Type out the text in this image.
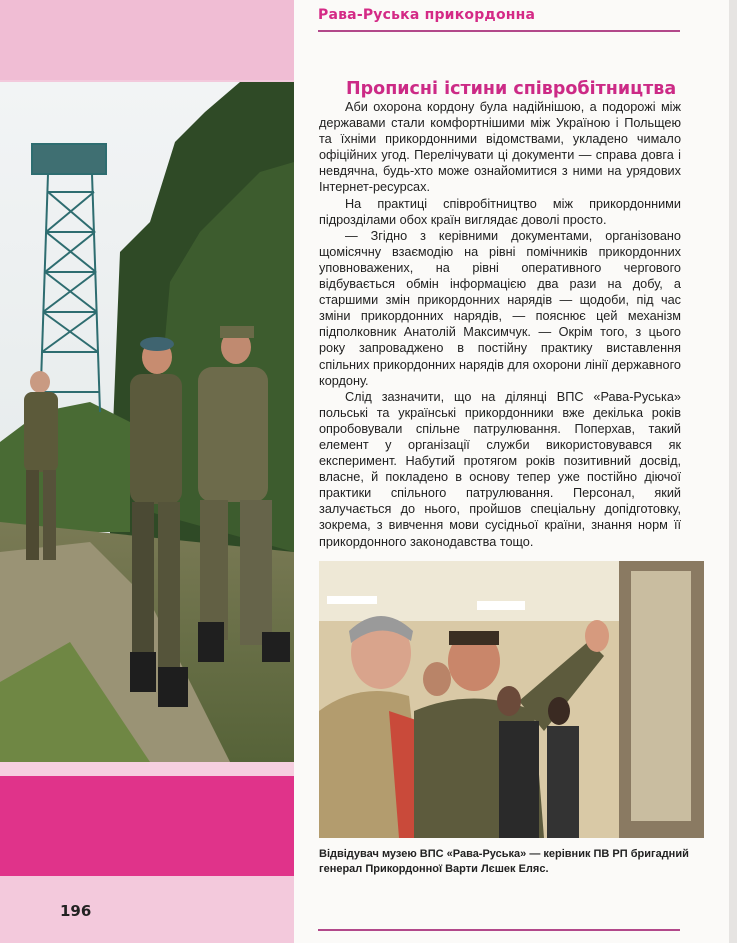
196
Рава-Руська прикордонна
Прописні істини співробітництва

Аби охорона кордону була надійнішою, а подорожі між державами стали комфортнішими між Україною і Польщею та їхніми прикордонними відомствами, укладено чимало офіційних угод. Перелічувати ці документи — справа довга і невдячна, будь-хто може ознайомитися з ними на урядових Інтернет-ресурсах.

На практиці співробітництво між прикордонними підрозділами обох країн виглядає доволі просто.

— Згідно з керівними документами, організовано щомісячну взаємодію на рівні помічників прикордонних уповноважених, на рівні оперативного чергового відбувається обмін інформацією два рази на добу, а старшими змін прикордонних нарядів — щодоби, під час зміни прикордонних нарядів, — пояснює цей механізм підполковник Анатолій Максимчук. — Окрім того, з цього року запроваджено в постійну практику виставлення спільних прикордонних нарядів для охорони лінії державного кордону.

Слід зазначити, що на ділянці ВПС «Рава-Руська» польські та українські прикордонники вже декілька років опробовували спільне патрулювання. Поперхав, такий елемент у організації служби використовувався як експеримент. Набутий протягом років позитивний досвід, власне, й покладено в основу тепер уже постійно діючої практики спільного патрулювання. Персонал, який залучається до нього, пройшов спеціальну допідготовку, зокрема, з вивчення мови сусідньої країни, знання норм її прикордонного законодавства тощо.

Відвідувач музею ВПС «Рава-Руська» — керівник ПВ РП бригадний генерал Прикордонної Варти Лєшек Еляс.
